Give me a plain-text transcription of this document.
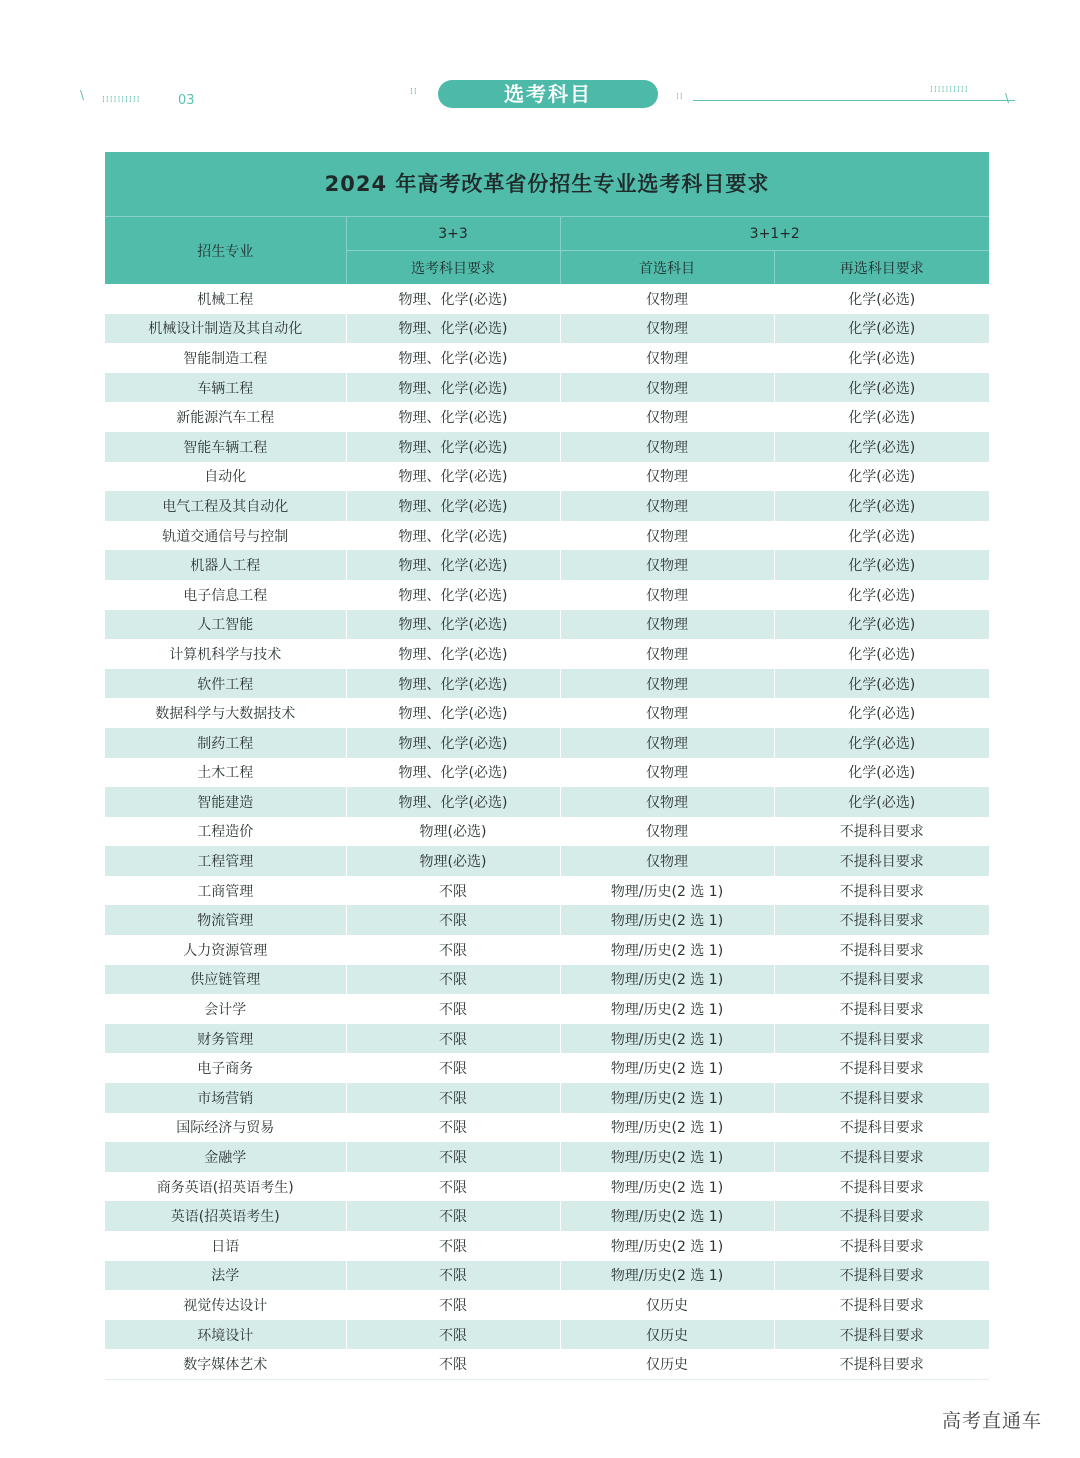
\ ⁞⁞⁞⁞⁞⁞⁞⁞⁞⁞	03
⁞⁞	选考科目	⁞⁞
⁞⁞⁞⁞⁞⁞⁞⁞⁞⁞
\
2024 年高考改革省份招生专业选考科目要求
招生专业	3+3	3+1+2	
	选考科目要求	首选科目	再选科目要求
机械工程	物理、化学(必选)	仅物理	化学(必选)
机械设计制造及其自动化	物理、化学(必选)	仅物理	化学(必选)
智能制造工程	物理、化学(必选)	仅物理	化学(必选)
车辆工程	物理、化学(必选)	仅物理	化学(必选)
新能源汽车工程	物理、化学(必选)	仅物理	化学(必选)
智能车辆工程	物理、化学(必选)	仅物理	化学(必选)
自动化	物理、化学(必选)	仅物理	化学(必选)
电气工程及其自动化	物理、化学(必选)	仅物理	化学(必选)
轨道交通信号与控制	物理、化学(必选)	仅物理	化学(必选)
机器人工程	物理、化学(必选)	仅物理	化学(必选)
电子信息工程	物理、化学(必选)	仅物理	化学(必选)
人工智能	物理、化学(必选)	仅物理	化学(必选)
计算机科学与技术	物理、化学(必选)	仅物理	化学(必选)
软件工程	物理、化学(必选)	仅物理	化学(必选)
数据科学与大数据技术	物理、化学(必选)	仅物理	化学(必选)
制药工程	物理、化学(必选)	仅物理	化学(必选)
土木工程	物理、化学(必选)	仅物理	化学(必选)
智能建造	物理、化学(必选)	仅物理	化学(必选)
工程造价	物理(必选)	仅物理	不提科目要求
工程管理	物理(必选)	仅物理	不提科目要求
工商管理	不限	物理/历史(2 选 1)	不提科目要求
物流管理	不限	物理/历史(2 选 1)	不提科目要求
人力资源管理	不限	物理/历史(2 选 1)	不提科目要求
供应链管理	不限	物理/历史(2 选 1)	不提科目要求
会计学	不限	物理/历史(2 选 1)	不提科目要求
财务管理	不限	物理/历史(2 选 1)	不提科目要求
电子商务	不限	物理/历史(2 选 1)	不提科目要求
市场营销	不限	物理/历史(2 选 1)	不提科目要求
国际经济与贸易	不限	物理/历史(2 选 1)	不提科目要求
金融学	不限	物理/历史(2 选 1)	不提科目要求
商务英语(招英语考生)	不限	物理/历史(2 选 1)	不提科目要求
英语(招英语考生)	不限	物理/历史(2 选 1)	不提科目要求
日语	不限	物理/历史(2 选 1)	不提科目要求
法学	不限	物理/历史(2 选 1)	不提科目要求
视觉传达设计	不限	仅历史	不提科目要求
环境设计	不限	仅历史	不提科目要求
数字媒体艺术	不限	仅历史	不提科目要求
高考直通车
